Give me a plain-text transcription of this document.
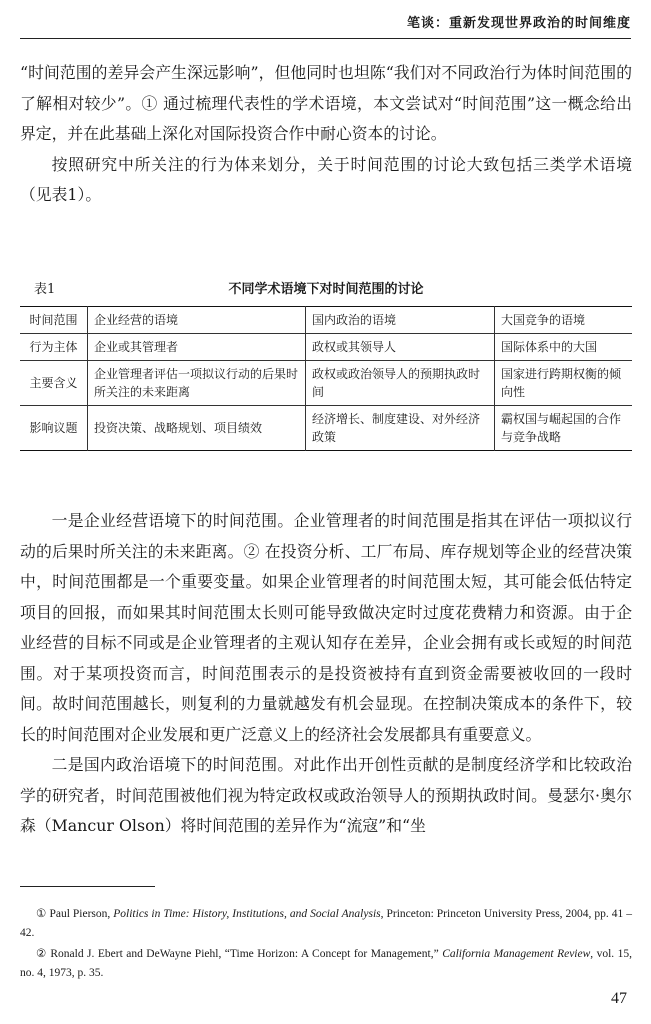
笔谈：重新发现世界政治的时间维度

“时间范围的差异会产生深远影响”，但他同时也坦陈“我们对不同政治行为体时间范围的了解相对较少”。① 通过梳理代表性的学术语境，本文尝试对“时间范围”这一概念给出界定，并在此基础上深化对国际投资合作中耐心资本的讨论。

按照研究中所关注的行为体来划分，关于时间范围的讨论大致包括三类学术语境（见表1）。

表1	不同学术语境下对时间范围的讨论
时间范围	企业经营的语境	国内政治的语境	大国竞争的语境
行为主体	企业或其管理者	政权或其领导人	国际体系中的大国
主要含义	企业管理者评估一项拟议行动的后果时所关注的未来距离	政权或政治领导人的预期执政时间	国家进行跨期权衡的倾向性
影响议题	投资决策、战略规划、项目绩效	经济增长、制度建设、对外经济政策	霸权国与崛起国的合作与竞争战略

一是企业经营语境下的时间范围。企业管理者的时间范围是指其在评估一项拟议行动的后果时所关注的未来距离。② 在投资分析、工厂布局、库存规划等企业的经营决策中，时间范围都是一个重要变量。如果企业管理者的时间范围太短，其可能会低估特定项目的回报，而如果其时间范围太长则可能导致做决定时过度花费精力和资源。由于企业经营的目标不同或是企业管理者的主观认知存在差异，企业会拥有或长或短的时间范围。对于某项投资而言，时间范围表示的是投资被持有直到资金需要被收回的一段时间。故时间范围越长，则复利的力量就越发有机会显现。在控制决策成本的条件下，较长的时间范围对企业发展和更广泛意义上的经济社会发展都具有重要意义。

二是国内政治语境下的时间范围。对此作出开创性贡献的是制度经济学和比较政治学的研究者，时间范围被他们视为特定政权或政治领导人的预期执政时间。曼瑟尔·奥尔森（Mancur Olson）将时间范围的差异作为“流寇”和“坐

① Paul Pierson, Politics in Time: History, Institutions, and Social Analysis, Princeton: Princeton University Press, 2004, pp. 41 – 42.

② Ronald J. Ebert and DeWayne Piehl, “Time Horizon: A Concept for Management,” California Management Review, vol. 15, no. 4, 1973, p. 35.

47
